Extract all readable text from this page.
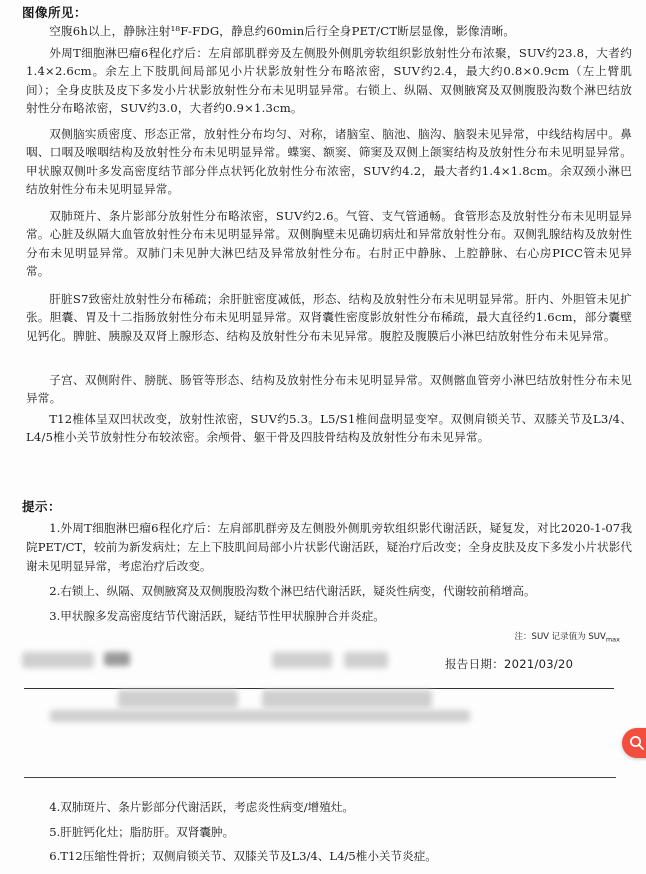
图像所见：
空腹6h以上，静脉注射¹⁸F-FDG，静息约60min后行全身PET/CT断层显像，影像清晰。
外周T细胞淋巴瘤6程化疗后：左肩部肌群旁及左侧股外侧肌旁软组织影放射性分布浓聚，SUV约23.8，大者约1.4×2.6cm。余左上下肢肌间局部见小片状影放射性分布略浓密，SUV约2.4，最大约0.8×0.9cm（左上臂肌间）；全身皮肤及皮下多发小片状影放射性分布未见明显异常。右锁上、纵隔、双侧腋窝及双侧腹股沟数个淋巴结放射性分布略浓密，SUV约3.0，大者约0.9×1.3cm。
双侧脑实质密度、形态正常，放射性分布均匀、对称，诸脑室、脑池、脑沟、脑裂未见异常，中线结构居中。鼻咽、口咽及喉咽结构及放射性分布未见明显异常。蝶窦、额窦、筛窦及双侧上颌窦结构及放射性分布未见明显异常。甲状腺双侧叶多发高密度结节部分伴点状钙化放射性分布浓密，SUV约4.2，最大者约1.4×1.8cm。余双颈小淋巴结放射性分布未见明显异常。
双肺斑片、条片影部分放射性分布略浓密，SUV约2.6。气管、支气管通畅。食管形态及放射性分布未见明显异常。心脏及纵隔大血管放射性分布未见明显异常。双侧胸壁未见确切病灶和异常放射性分布。双侧乳腺结构及放射性分布未见明显异常。双肺门未见肿大淋巴结及异常放射性分布。右肘正中静脉、上腔静脉、右心房PICC管未见异常。
肝脏S7致密灶放射性分布稀疏；余肝脏密度减低，形态、结构及放射性分布未见明显异常。肝内、外胆管未见扩张。胆囊、胃及十二指肠放射性分布未见明显异常。双肾囊性密度影放射性分布稀疏，最大直径约1.6cm，部分囊壁见钙化。脾脏、胰腺及双肾上腺形态、结构及放射性分布未见异常。腹腔及腹膜后小淋巴结放射性分布未见异常。
子宫、双侧附件、膀胱、肠管等形态、结构及放射性分布未见明显异常。双侧髂血管旁小淋巴结放射性分布未见异常。
T12椎体呈双凹状改变，放射性浓密，SUV约5.3。L5/S1椎间盘明显变窄。双侧肩锁关节、双膝关节及L3/4、L4/5椎小关节放射性分布较浓密。余颅骨、躯干骨及四肢骨结构及放射性分布未见异常。
提示：
1.外周T细胞淋巴瘤6程化疗后：左肩部肌群旁及左侧股外侧肌旁软组织影代谢活跃，疑复发，对比2020-1-07我院PET/CT，较前为新发病灶；左上下肢肌间局部小片状影代谢活跃，疑治疗后改变；全身皮肤及皮下多发小片状影代谢未见明显异常，考虑治疗后改变。
2.右锁上、纵隔、双侧腋窝及双侧腹股沟数个淋巴结代谢活跃，疑炎性病变，代谢较前稍增高。
3.甲状腺多发高密度结节代谢活跃，疑结节性甲状腺肿合并炎症。
注：SUV 记录值为 $SUV_{max}$
报告日期：2021/03/20
4.双肺斑片、条片影部分代谢活跃，考虑炎性病变/增殖灶。
5.肝脏钙化灶；脂肪肝。双肾囊肿。
6.T12压缩性骨折；双侧肩锁关节、双膝关节及L3/4、L4/5椎小关节炎症。
